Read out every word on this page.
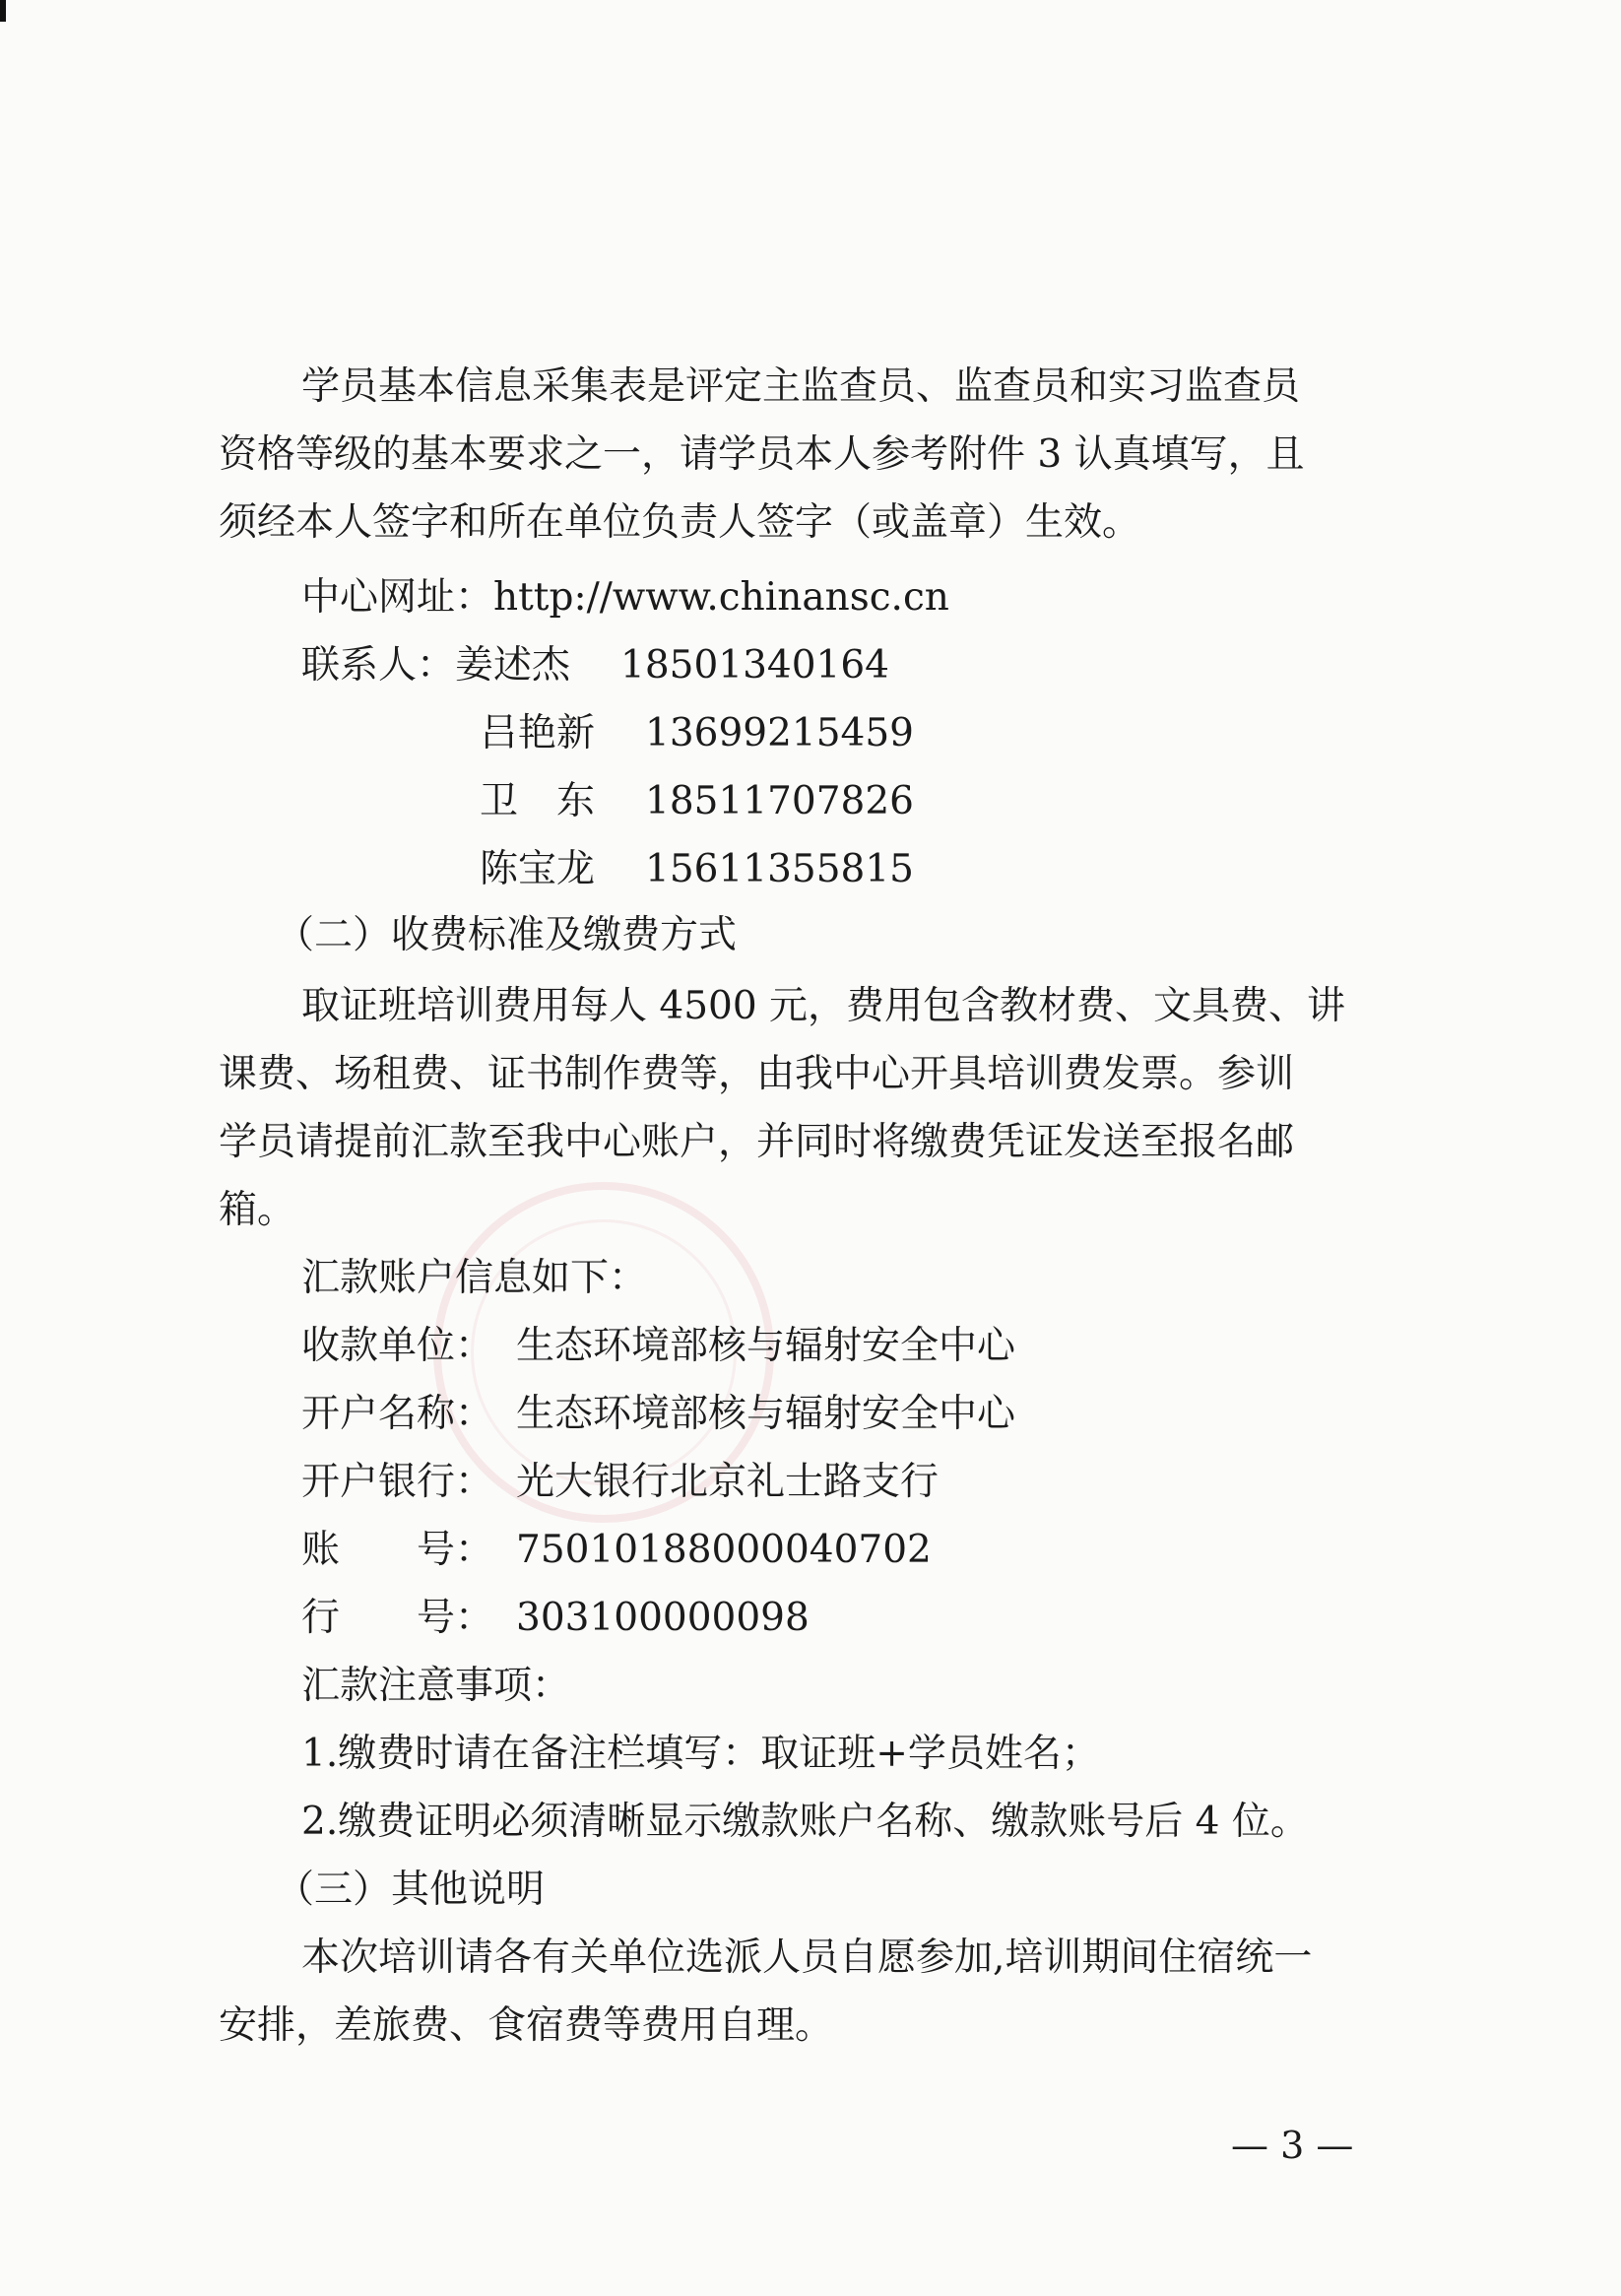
学员基本信息采集表是评定主监查员、监查员和实习监查员

资格等级的基本要求之一，请学员本人参考附件 3 认真填写，且

须经本人签字和所在单位负责人签字（或盖章）生效。

中心网址：http://www.chinansc.cn

联系人：姜述杰 18501340164

吕艳新 13699215459

卫　东 18511707826

陈宝龙 15611355815

（二）收费标准及缴费方式

取证班培训费用每人 4500 元，费用包含教材费、文具费、讲

课费、场租费、证书制作费等，由我中心开具培训费发票。参训

学员请提前汇款至我中心账户，并同时将缴费凭证发送至报名邮

箱。

汇款账户信息如下：

收款单位： 生态环境部核与辐射安全中心

开户名称： 生态环境部核与辐射安全中心

开户银行： 光大银行北京礼士路支行

账　　号： 75010188000040702

行　　号： 303100000098

汇款注意事项：

1.缴费时请在备注栏填写：取证班+学员姓名；

2.缴费证明必须清晰显示缴款账户名称、缴款账号后 4 位。

（三）其他说明

本次培训请各有关单位选派人员自愿参加,培训期间住宿统一

安排，差旅费、食宿费等费用自理。

— 3 —
